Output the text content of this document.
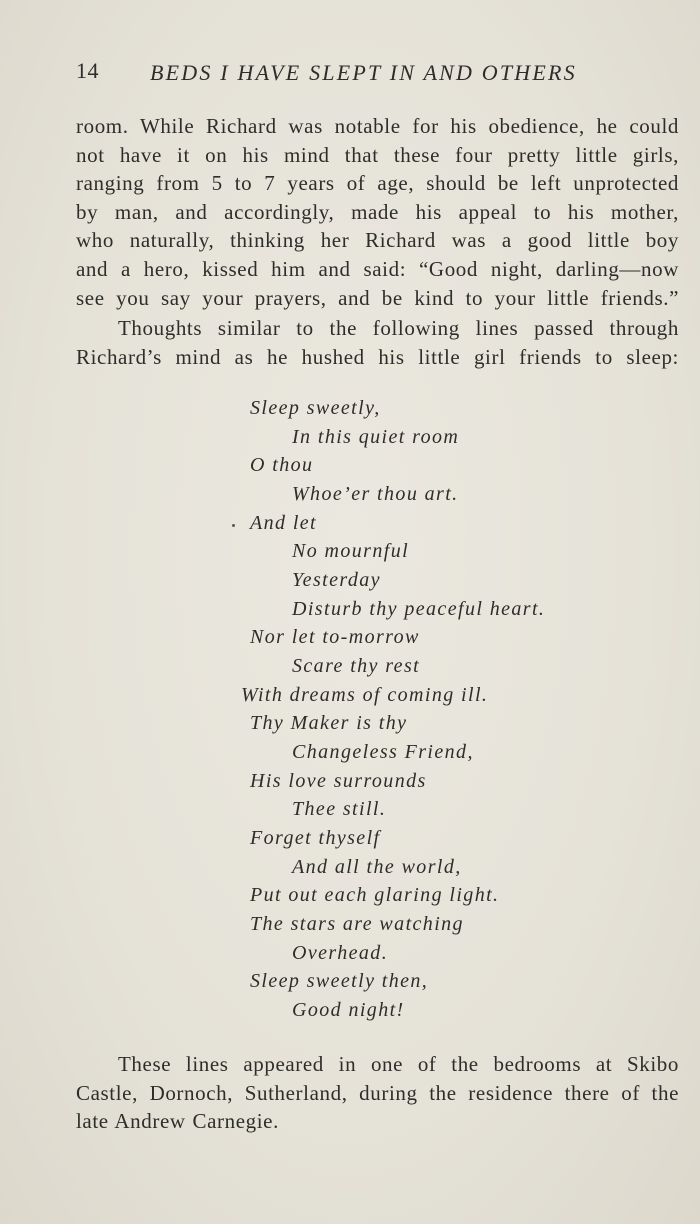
14 BEDS I HAVE SLEPT IN AND OTHERS
room. While Richard was notable for his obedience, he could
not have it on his mind that these four pretty little girls,
ranging from 5 to 7 years of age, should be left unprotected
by man, and accordingly, made his appeal to his mother,
who naturally, thinking her Richard was a good little boy
and a hero, kissed him and said: “Good night, darling—now
see you say your prayers, and be kind to your little friends.”
Thoughts similar to the following lines passed through
Richard’s mind as he hushed his little girl friends to sleep:
Sleep sweetly,
In this quiet room
O thou
Whoe’er thou art.
And let
No mournful
Yesterday
Disturb thy peaceful heart.
Nor let to-morrow
Scare thy rest
With dreams of coming ill.
Thy Maker is thy
Changeless Friend,
His love surrounds
Thee still.
Forget thyself
And all the world,
Put out each glaring light.
The stars are watching
Overhead.
Sleep sweetly then,
Good night!
These lines appeared in one of the bedrooms at Skibo
Castle, Dornoch, Sutherland, during the residence there of the
late Andrew Carnegie.
